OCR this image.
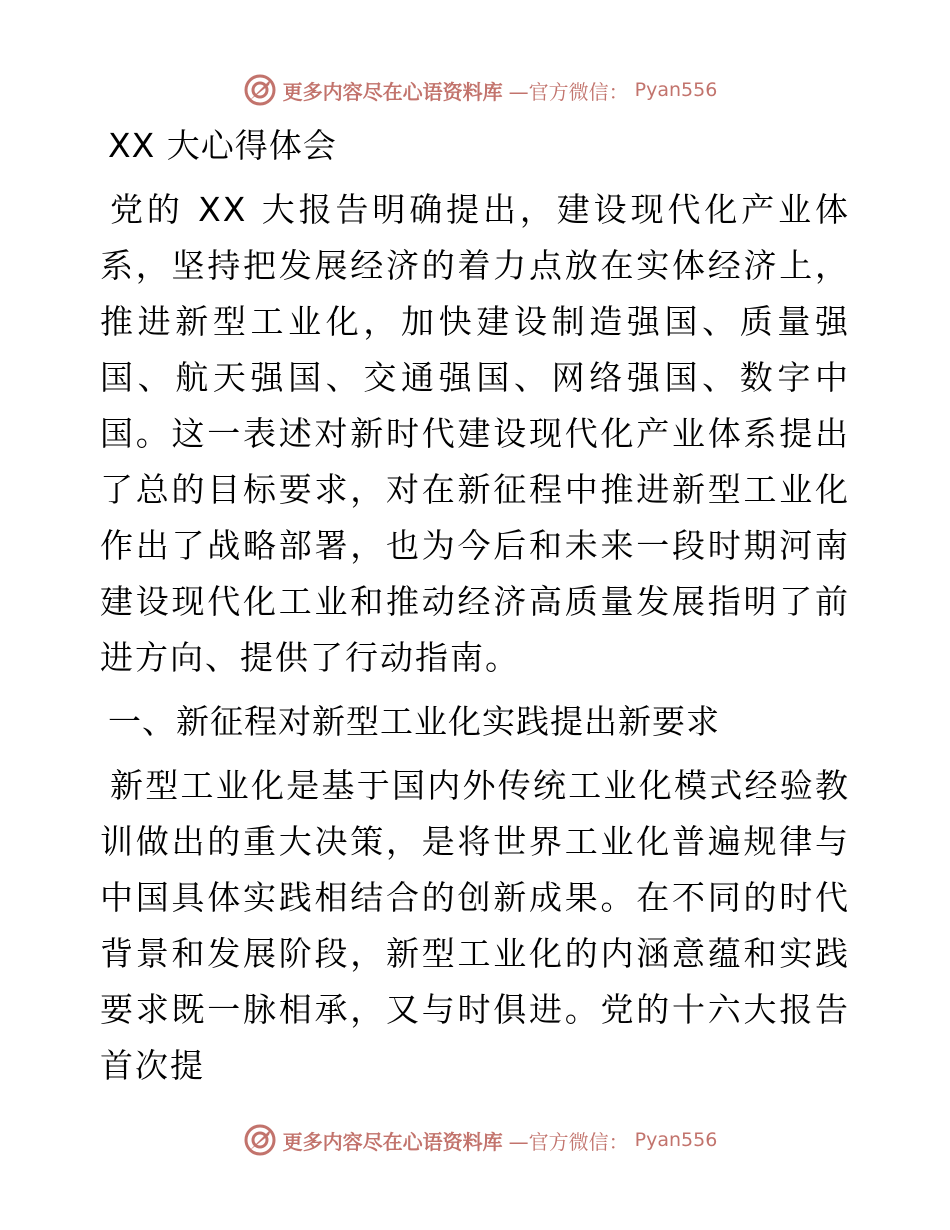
更多内容尽在心语资料库 —官方微信： Pyan556
XX 大心得体会

党的 XX 大报告明确提出，建设现代化产业体系，坚持把发展经济的着力点放在实体经济上，推进新型工业化，加快建设制造强国、质量强国、航天强国、交通强国、网络强国、数字中国。这一表述对新时代建设现代化产业体系提出了总的目标要求，对在新征程中推进新型工业化作出了战略部署，也为今后和未来一段时期河南建设现代化工业和推动经济高质量发展指明了前进方向、提供了行动指南。

一、新征程对新型工业化实践提出新要求

新型工业化是基于国内外传统工业化模式经验教训做出的重大决策，是将世界工业化普遍规律与中国具体实践相结合的创新成果。在不同的时代背景和发展阶段，新型工业化的内涵意蕴和实践要求既一脉相承，又与时俱进。党的十六大报告首次提

更多内容尽在心语资料库 —官方微信： Pyan556
